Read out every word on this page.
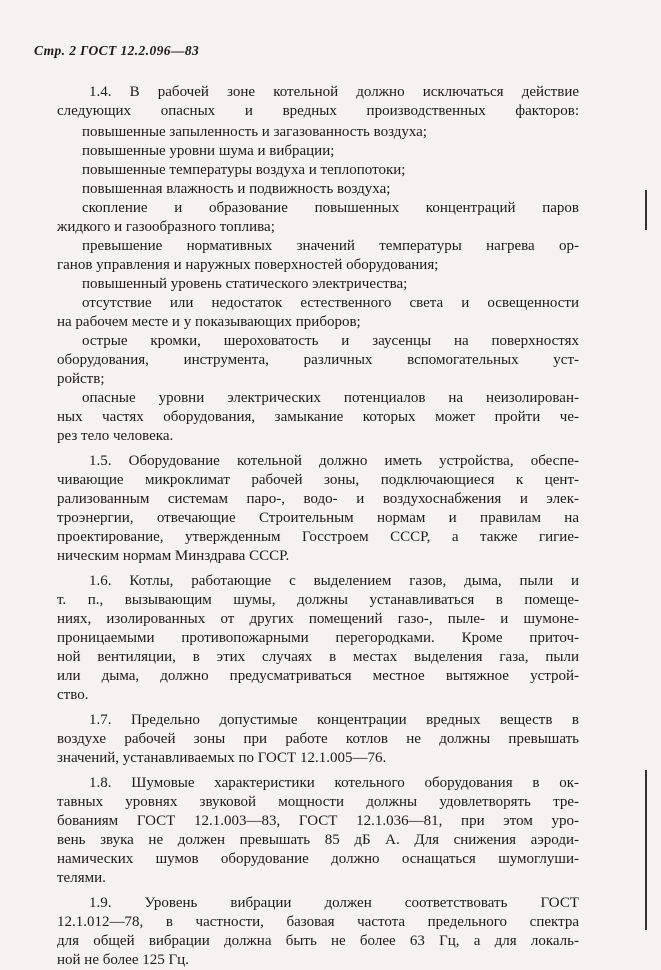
Стр. 2 ГОСТ 12.2.096—83
1.4. В рабочей зоне котельной должно исключаться действие
следующих опасных и вредных производственных факторов:
повышенные запыленность и загазованность воздуха;
повышенные уровни шума и вибрации;
повышенные температуры воздуха и теплопотоки;
повышенная влажность и подвижность воздуха;
скопление и образование повышенных концентраций паров
жидкого и газообразного топлива;
превышение нормативных значений температуры нагрева ор-
ганов управления и наружных поверхностей оборудования;
повышенный уровень статического электричества;
отсутствие или недостаток естественного света и освещенности
на рабочем месте и у показывающих приборов;
острые кромки, шероховатость и заусенцы на поверхностях
оборудования, инструмента, различных вспомогательных уст-
ройств;
опасные уровни электрических потенциалов на неизолирован-
ных частях оборудования, замыкание которых может пройти че-
рез тело человека.
1.5. Оборудование котельной должно иметь устройства, обеспе-
чивающие микроклимат рабочей зоны, подключающиеся к цент-
рализованным системам паро-, водо- и воздухоснабжения и элек-
троэнергии, отвечающие Строительным нормам и правилам на
проектирование, утвержденным Госстроем СССР, а также гигие-
ническим нормам Минздрава СССР.
1.6. Котлы, работающие с выделением газов, дыма, пыли и
т. п., вызывающим шумы, должны устанавливаться в помеще-
ниях, изолированных от других помещений газо-, пыле- и шумоне-
проницаемыми противопожарными перегородками. Кроме приточ-
ной вентиляции, в этих случаях в местах выделения газа, пыли
или дыма, должно предусматриваться местное вытяжное устрой-
ство.
1.7. Предельно допустимые концентрации вредных веществ в
воздухе рабочей зоны при работе котлов не должны превышать
значений, устанавливаемых по ГОСТ 12.1.005—76.
1.8. Шумовые характеристики котельного оборудования в ок-
тавных уровнях звуковой мощности должны удовлетворять тре-
бованиям ГОСТ 12.1.003—83, ГОСТ 12.1.036—81, при этом уро-
вень звука не должен превышать 85 дБ А. Для снижения аэроди-
намических шумов оборудование должно оснащаться шумоглуши-
телями.
1.9. Уровень вибрации должен соответствовать ГОСТ
12.1.012—78, в частности, базовая частота предельного спектра
для общей вибрации должна быть не более 63 Гц, а для локаль-
ной не более 125 Гц.
